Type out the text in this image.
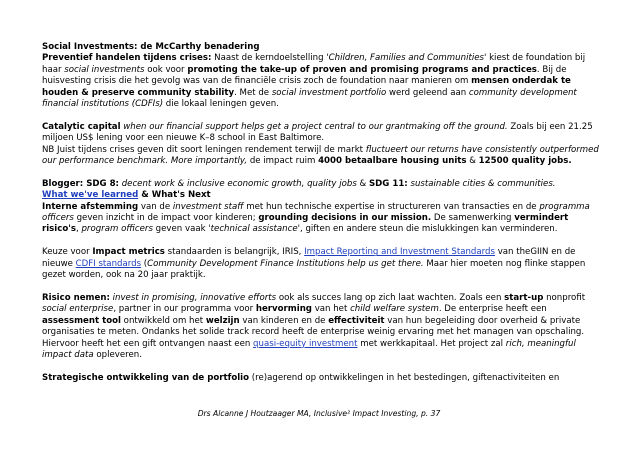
Social Investments: de McCarthy benadering
Preventief handelen tijdens crises: Naast de kerndoelstelling 'Children, Families and Communities' kiest de foundation bij haar social investments ook voor promoting the take-up of proven and promising programs and practices. Bij de huisvesting crisis die het gevolg was van de financiële crisis zoch de foundation naar manieren om mensen onderdak te houden & preserve community stability. Met de social investment portfolio werd geleend aan community development financial institutions (CDFIs) die lokaal leningen geven.

Catalytic capital when our financial support helps get a project central to our grantmaking off the ground. Zoals bij een 21.25 miljoen US$ lening voor een nieuwe K–8 school in East Baltimore.
NB Juist tijdens crises geven dit soort leningen rendement terwijl de markt fluctueert our returns have consistently outperformed our performance benchmark. More importantly, de impact ruim 4000 betaalbare housing units & 12500 quality jobs.

Blogger: SDG 8: decent work & inclusive economic growth, quality jobs & SDG 11: sustainable cities & communities.
What we've learned & What's Next
Interne afstemming van de investment staff met hun technische expertise in structureren van transacties en de programma officers geven inzicht in de impact voor kinderen; grounding decisions in our mission. De samenwerking vermindert risico's, program officers geven vaak 'technical assistance', giften en andere steun die mislukkingen kan verminderen.

Keuze voor Impact metrics standaarden is belangrijk, IRIS, Impact Reporting and Investment Standards van theGIIN en de nieuwe CDFI standards (Community Development Finance Institutions help us get there. Maar hier moeten nog flinke stappen gezet worden, ook na 20 jaar praktijk.

Risico nemen: invest in promising, innovative efforts ook als succes lang op zich laat wachten. Zoals een start-up nonprofit social enterprise, partner in our programma voor hervorming van het child welfare system. De enterprise heeft een assessment tool ontwikkeld om het welzijn van kinderen en de effectiviteit van hun begeleiding door overheid & private organisaties te meten. Ondanks het solide track record heeft de enterprise weinig ervaring met het managen van opschaling. Hiervoor heeft het een gift ontvangen naast een quasi-equity investment met werkkapitaal. Het project zal rich, meaningful impact data opleveren.

Strategische ontwikkeling van de portfolio (re)agerend op ontwikkelingen in het bestedingen, giftenactiviteiten en

Drs Alcanne J Houtzaager MA, Inclusive² Impact Investing, p. 37
